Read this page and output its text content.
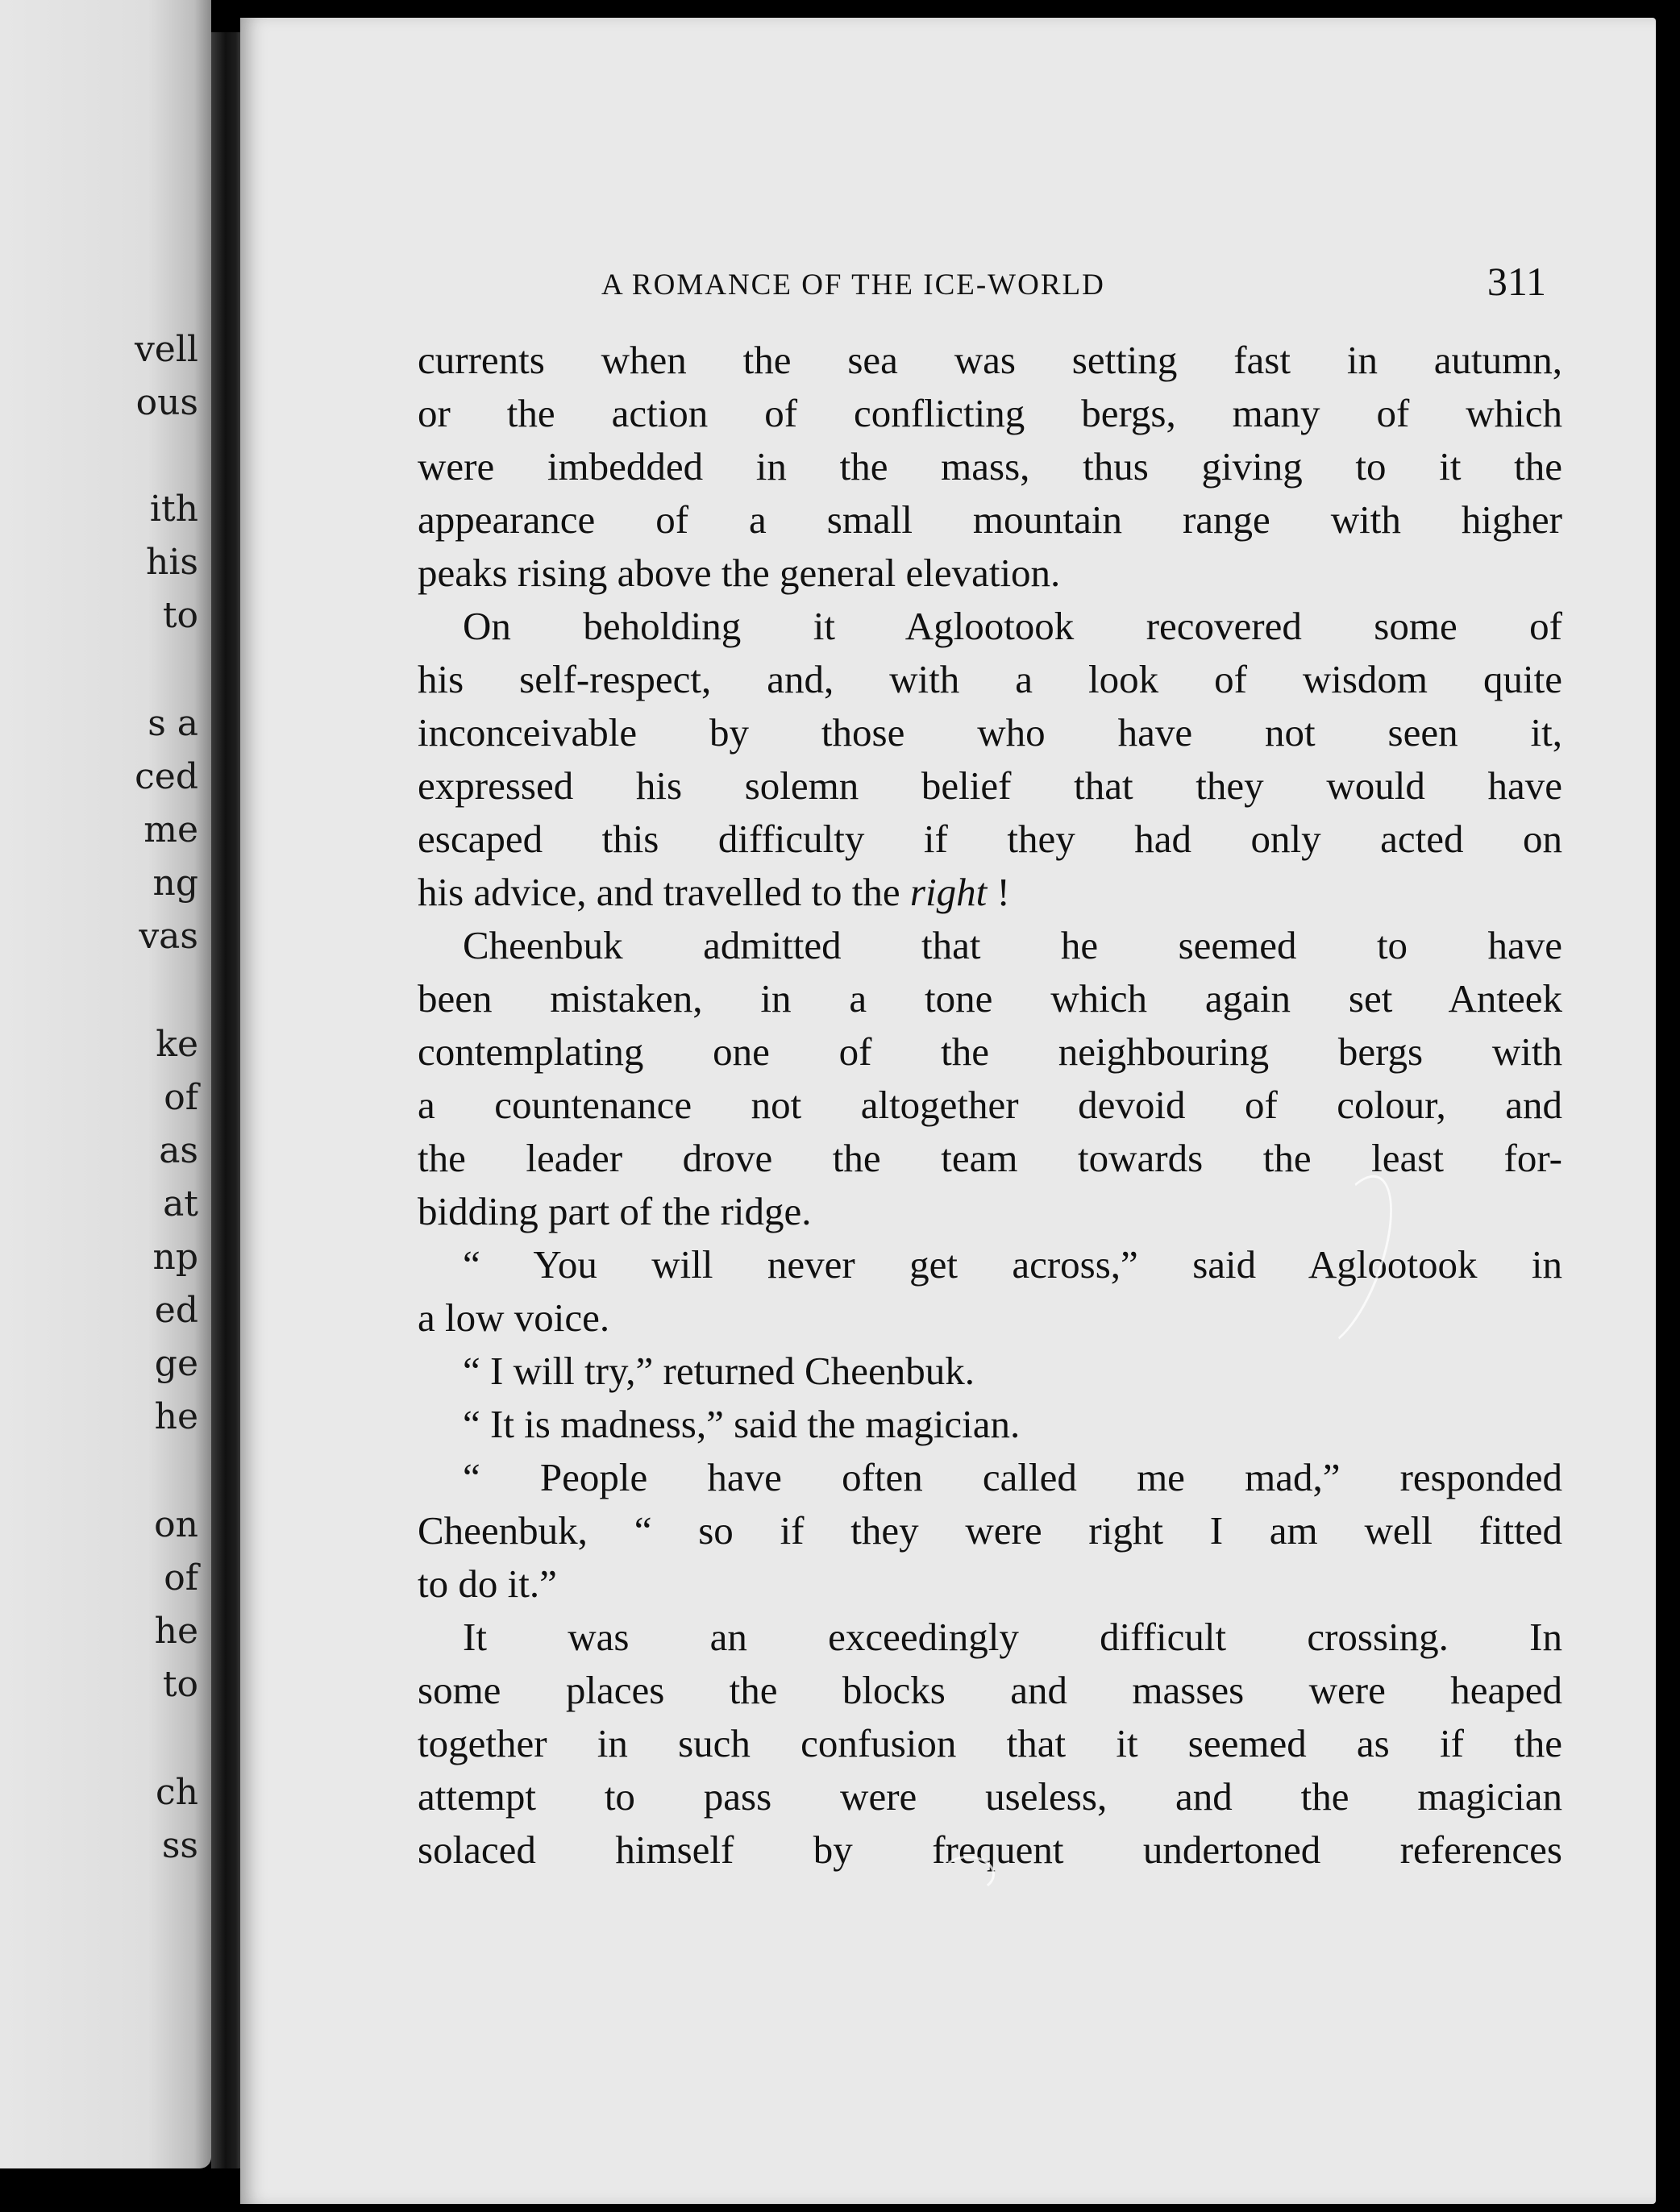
vell
ous
ith
his
to
s a
ced
me
ng
vas
ke
of
as
at
np
ed
ge
he
on
of
he
to
ch
ss
A ROMANCE OF THE ICE-WORLD	311
currents when the sea was setting fast in autumn,
or the action of conflicting bergs, many of which
were imbedded in the mass, thus giving to it the
appearance of a small mountain range with higher
peaks rising above the general elevation.
On beholding it Aglootook recovered some of
his self-respect, and, with a look of wisdom quite
inconceivable by those who have not seen it,
expressed his solemn belief that they would have
escaped this difficulty if they had only acted on
his advice, and travelled to the right !
Cheenbuk admitted that he seemed to have
been mistaken, in a tone which again set Anteek
contemplating one of the neighbouring bergs with
a countenance not altogether devoid of colour, and
the leader drove the team towards the least for-
bidding part of the ridge.
“ You will never get across,” said Aglootook in
a low voice.
“ I will try,” returned Cheenbuk.
“ It is madness,” said the magician.
“ People have often called me mad,” responded
Cheenbuk, “ so if they were right I am well fitted
to do it.”
It was an exceedingly difficult crossing. In
some places the blocks and masses were heaped
together in such confusion that it seemed as if the
attempt to pass were useless, and the magician
solaced himself by frequent undertoned references
